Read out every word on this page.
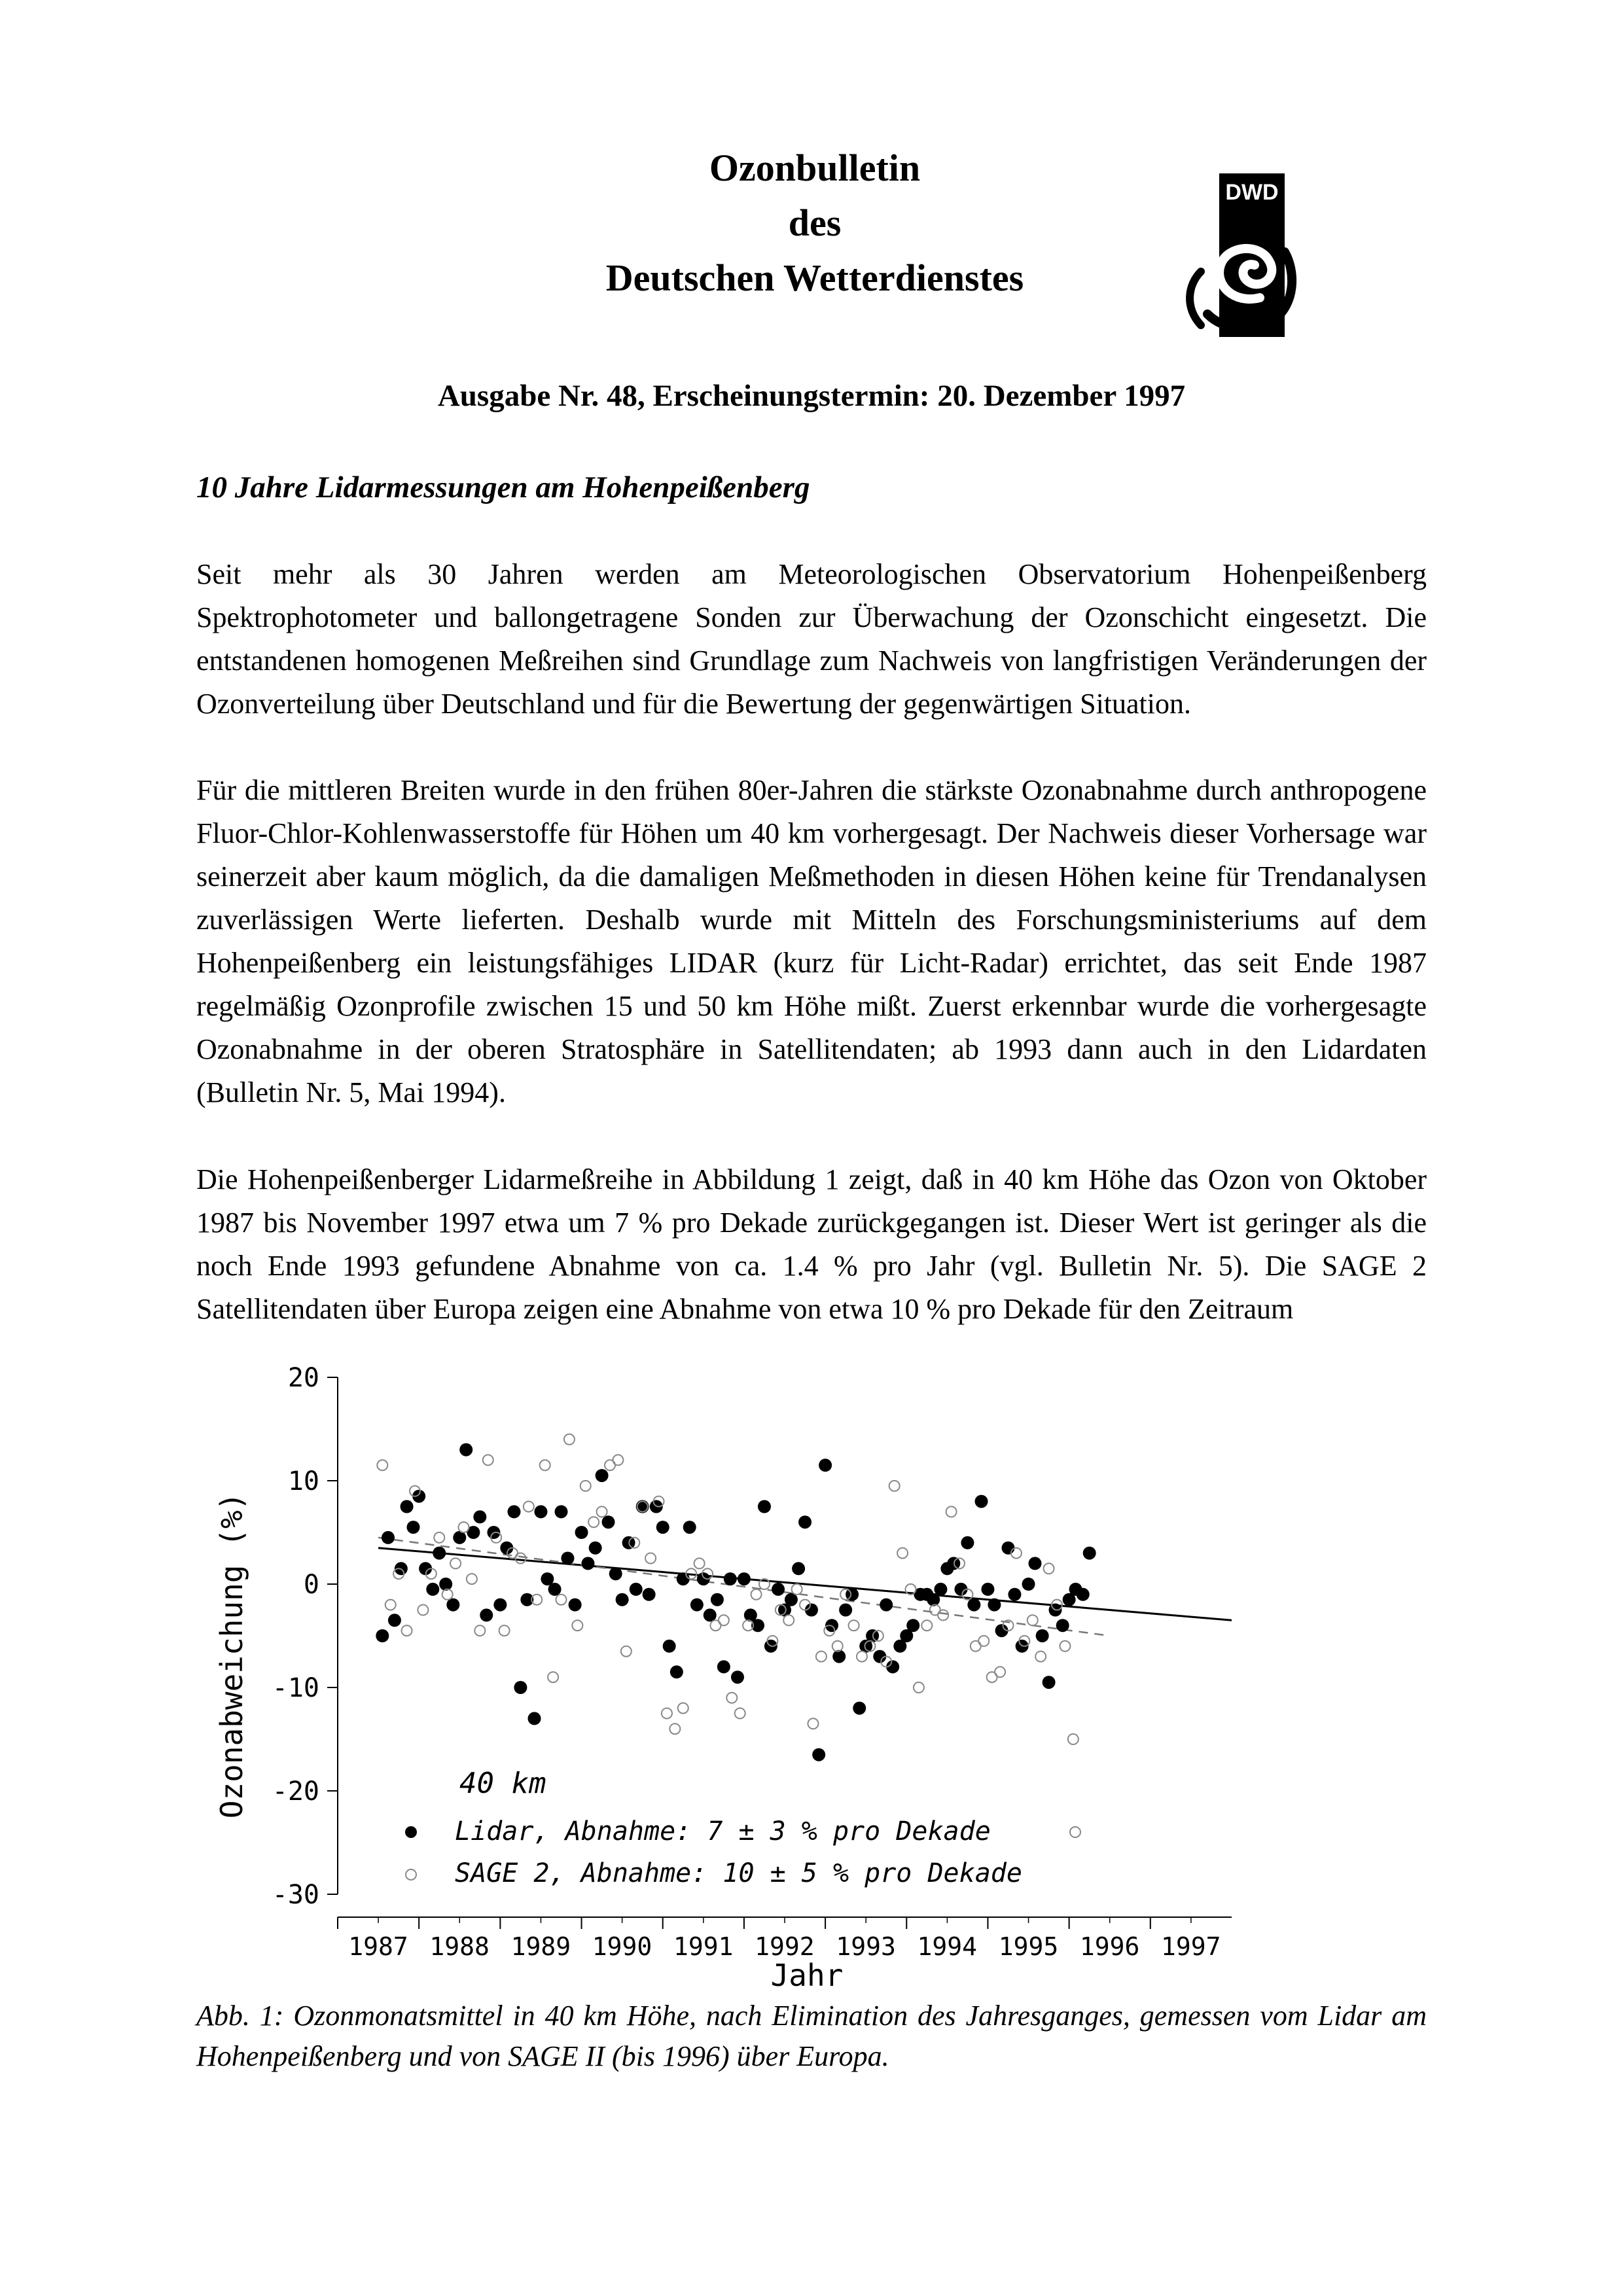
Ozonbulletin
des
Deutschen Wetterdienstes
DWD
Ausgabe Nr. 48, Erscheinungstermin: 20. Dezember 1997
10 Jahre Lidarmessungen am Hohenpeißenberg
Seit mehr als 30 Jahren werden am Meteorologischen Observatorium Hohenpeißenberg Spektrophotometer und ballongetragene Sonden zur Überwachung der Ozonschicht eingesetzt. Die entstandenen homogenen Meßreihen sind Grundlage zum Nachweis von langfristigen Veränderungen der Ozonverteilung über Deutschland und für die Bewertung der gegenwärtigen Situation.
Für die mittleren Breiten wurde in den frühen 80er-Jahren die stärkste Ozonabnahme durch anthropogene Fluor-Chlor-Kohlenwasserstoffe für Höhen um 40 km vorhergesagt. Der Nachweis dieser Vorhersage war seinerzeit aber kaum möglich, da die damaligen Meßmethoden in diesen Höhen keine für Trendanalysen zuverlässigen Werte lieferten. Deshalb wurde mit Mitteln des Forschungsministeriums auf dem Hohenpeißenberg ein leistungsfähiges LIDAR (kurz für Licht-Radar) errichtet, das seit Ende 1987 regelmäßig Ozonprofile zwischen 15 und 50 km Höhe mißt. Zuerst erkennbar wurde die vorhergesagte Ozonabnahme in der oberen Stratosphäre in Satellitendaten; ab 1993 dann auch in den Lidardaten (Bulletin Nr. 5, Mai 1994).
Die Hohenpeißenberger Lidarmeßreihe in Abbildung 1 zeigt, daß in 40 km Höhe das Ozon von Oktober 1987 bis November 1997 etwa um 7 % pro Dekade zurückgegangen ist. Dieser Wert ist geringer als die noch Ende 1993 gefundene Abnahme von ca. 1.4 % pro Jahr (vgl. Bulletin Nr. 5). Die SAGE 2 Satellitendaten über Europa zeigen eine Abnahme von etwa 10 % pro Dekade für den Zeitraum
20
10
0
-10
-20
-30
1987 1988 1989 1990 1991 1992 1993 1994 1995 1996 1997
40 km
Lidar, Abnahme: 7 ± 3 % pro Dekade
SAGE 2, Abnahme: 10 ± 5 % pro Dekade
Jahr
Ozonabweichung (%)
Abb. 1: Ozonmonatsmittel in 40 km Höhe, nach Elimination des Jahresganges, gemessen vom Lidar am Hohenpeißenberg und von SAGE II (bis 1996) über Europa.
